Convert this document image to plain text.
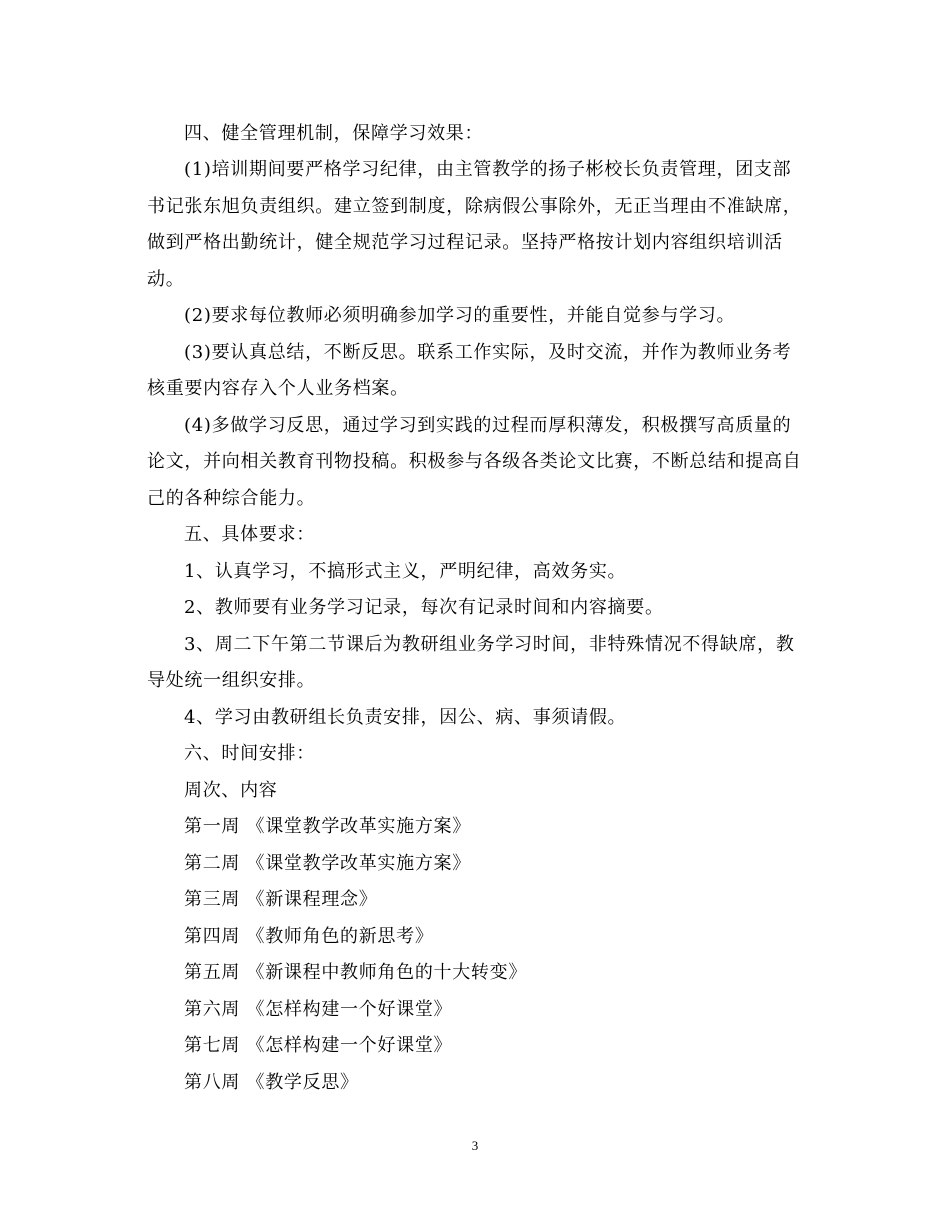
四、健全管理机制，保障学习效果：

(1)培训期间要严格学习纪律，由主管教学的扬子彬校长负责管理，团支部

书记张东旭负责组织。建立签到制度，除病假公事除外，无正当理由不准缺席，

做到严格出勤统计，健全规范学习过程记录。坚持严格按计划内容组织培训活

动。

(2)要求每位教师必须明确参加学习的重要性，并能自觉参与学习。

(3)要认真总结，不断反思。联系工作实际，及时交流，并作为教师业务考

核重要内容存入个人业务档案。

(4)多做学习反思，通过学习到实践的过程而厚积薄发，积极撰写高质量的

论文，并向相关教育刊物投稿。积极参与各级各类论文比赛，不断总结和提高自

己的各种综合能力。

五、具体要求：

1、认真学习，不搞形式主义，严明纪律，高效务实。

2、教师要有业务学习记录，每次有记录时间和内容摘要。

3、周二下午第二节课后为教研组业务学习时间，非特殊情况不得缺席，教

导处统一组织安排。

4、学习由教研组长负责安排，因公、病、事须请假。

六、时间安排：

周次、内容

第一周 《课堂教学改革实施方案》

第二周 《课堂教学改革实施方案》

第三周 《新课程理念》

第四周 《教师角色的新思考》

第五周 《新课程中教师角色的十大转变》

第六周 《怎样构建一个好课堂》

第七周 《怎样构建一个好课堂》

第八周 《教学反思》

3
